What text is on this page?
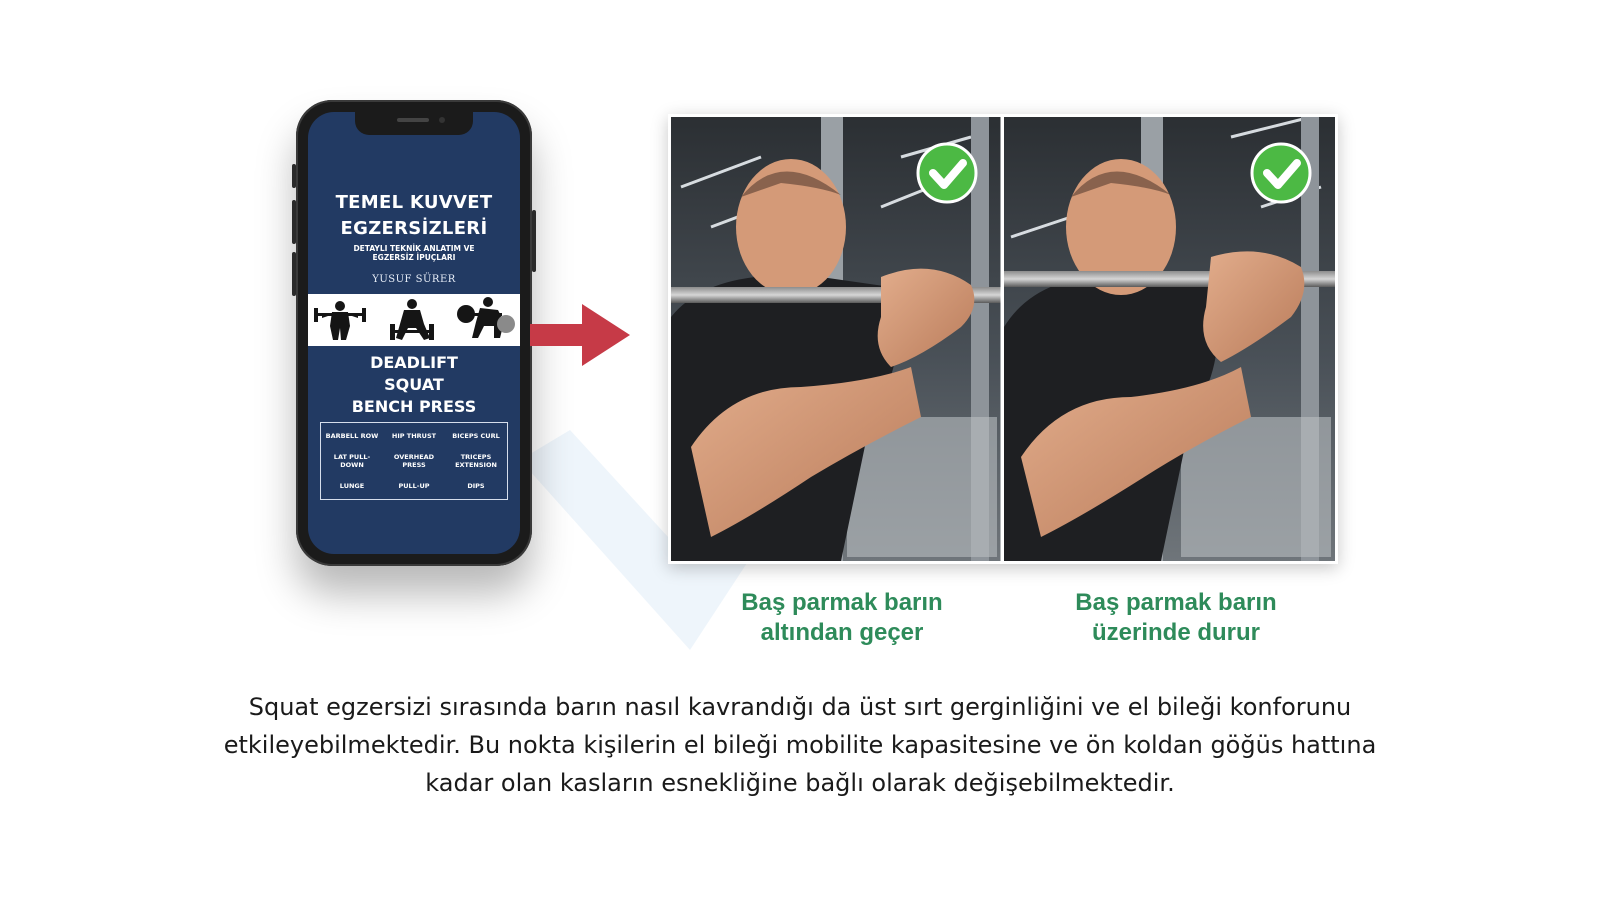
TEMEL KUVVET
EGZERSİZLERİ
DETAYLI TEKNİK ANLATIM VE
EGZERSİZ İPUÇLARI
YUSUF SÜRER
DEADLIFT
SQUAT
BENCH PRESS
BARBELL ROW HIP THRUST BICEPS CURL
LAT PULL-DOWN
OVERHEAD PRESS
TRICEPS EXTENSION
LUNGE	PULL-UP	DIPS
Baş parmak barın
altından geçer
Baş parmak barın
üzerinde durur
Squat egzersizi sırasında barın nasıl kavrandığı da üst sırt gerginliğini ve el bileği konforunu
etkileyebilmektedir. Bu nokta kişilerin el bileği mobilite kapasitesine ve ön koldan göğüs hattına
kadar olan kasların esnekliğine bağlı olarak değişebilmektedir.
